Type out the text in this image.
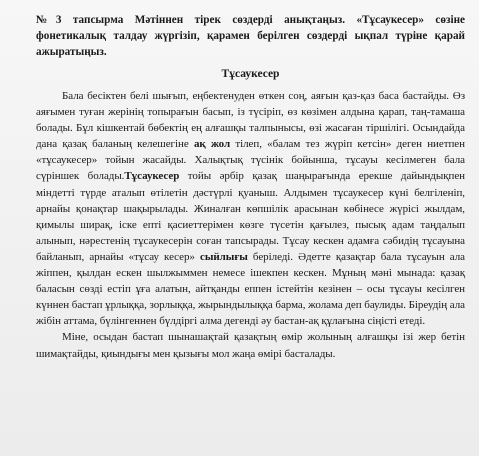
№3 тапсырма Мәтіннен тірек сөздерді анықтаңыз. «Тұсаукесер» сөзіне фонетикалық талдау жүргізіп, қарамен берілген сөздерді ықпал түріне қарай ажыратыңыз.

Тұсаукесер

Бала бесіктен белі шығып, еңбектенуден өткен соң, аяғын қаз-қаз баса бастайды. Өз аяғымен туған жерінің топырағын басып, із түсіріп, өз көзімен алдына қарап, таң-тамаша болады. Бұл кішкентай бөбектің ең алғашқы талпынысы, өзі жасаған тіршілігі. Осындайда дана қазақ баланың келешегіне ақ жол тілеп, «балам тез жүріп кетсін» деген ниетпен «тұсаукесер» тойын жасайды. Халықтық түсінік бойынша, тұсауы кесілмеген бала сүріншек болады.Тұсаукесер тойы әрбір қазақ шаңырағында ерекше дайындықпен міндетті түрде аталып өтілетін дәстүрлі қуаныш. Алдымен тұсаукесер күні белгіленіп, арнайы қонақтар шақырылады. Жиналған көпшілік арасынан көбінесе жүрісі жылдам, қимылы ширақ, іске епті қасиеттерімен көзге түсетін қағылез, пысық адам таңдалып алынып, нәрестенің тұсаукесерін соған тапсырады. Тұсау кескен адамға сәбидің тұсауына байланып, арнайы «тұсау кесер» сыйлығы беріледі. Әдетте қазақтар бала тұсауын ала жіппен, қылдан ескен шылжыммен немесе ішекпен кескен. Мұның мәні мынада: қазақ баласын сөзді естіп ұға алатын, айтқанды еппен істейтін кезінен – осы тұсауы кесілген күннен бастап ұрлыққа, зорлыққа, жырындылыққа барма, жолама деп баулиды. Біреудің ала жібін аттама, бүлінгеннен бүлдіргі алма дегенді әу бастан-ақ құлағына сіңісті етеді.

Міне, осыдан бастап шынашақтай қазақтың өмір жолының алғашқы ізі жер бетін шимақтайды, қиындығы мен қызығы мол жаңа өмірі басталады.
